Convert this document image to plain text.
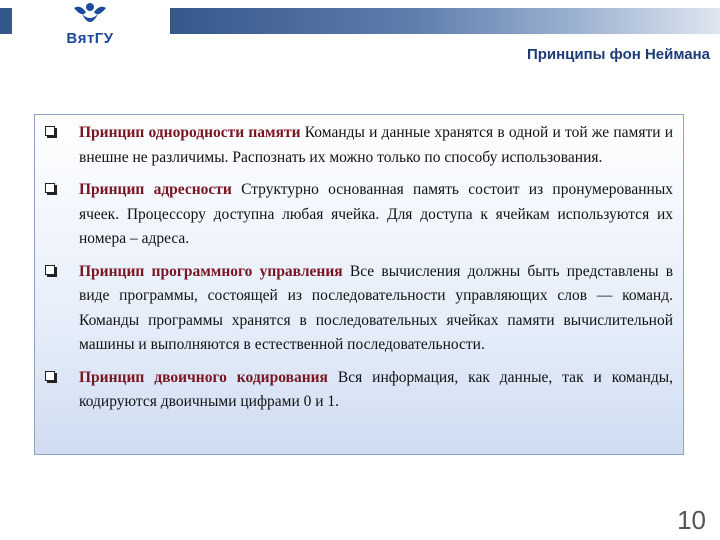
ВятГУ
Принципы фон Неймана

Принцип однородности памяти Команды и данные хранятся в одной и той же памяти и внешне не различимы. Распознать их можно только по способу использования.

Принцип адресности Структурно основанная память состоит из пронумерованных ячеек. Процессору доступна любая ячейка. Для доступа к ячейкам используются их номера – адреса.

Принцип программного управления Все вычисления должны быть представлены в виде программы, состоящей из последовательности управляющих слов — команд. Команды программы хранятся в последовательных ячейках памяти вычислительной машины и выполняются в естественной последовательности.

Принцип двоичного кодирования Вся информация, как данные, так и команды, кодируются двоичными цифрами 0 и 1.

10
